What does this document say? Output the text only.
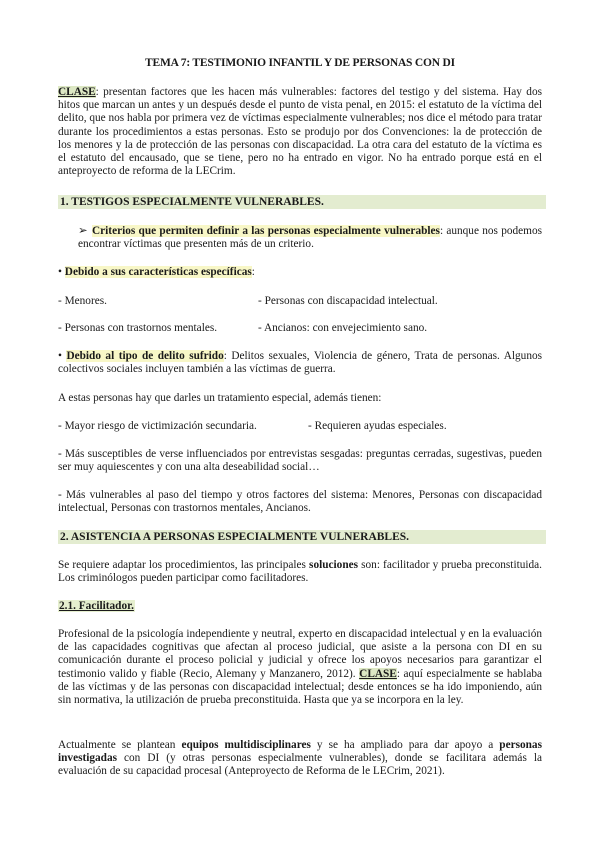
TEMA 7: TESTIMONIO INFANTIL Y DE PERSONAS CON DI

CLASE: presentan factores que les hacen más vulnerables: factores del testigo y del sistema. Hay dos hitos que marcan un antes y un después desde el punto de vista penal, en 2015: el estatuto de la víctima del delito, que nos habla por primera vez de víctimas especialmente vulnerables; nos dice el método para tratar durante los procedimientos a estas personas. Esto se produjo por dos Convenciones: la de protección de los menores y la de protección de las personas con discapacidad. La otra cara del estatuto de la víctima es el estatuto del encausado, que se tiene, pero no ha entrado en vigor. No ha entrado porque está en el anteproyecto de reforma de la LECrim.

1. TESTIGOS ESPECIALMENTE VULNERABLES.

➢ Criterios que permiten definir a las personas especialmente vulnerables: aunque nos podemos encontrar víctimas que presenten más de un criterio.

• Debido a sus características específicas:

- Menores.	- Personas con discapacidad intelectual.
- Personas con trastornos mentales.	- Ancianos: con envejecimiento sano.

• Debido al tipo de delito sufrido: Delitos sexuales, Violencia de género, Trata de personas. Algunos colectivos sociales incluyen también a las víctimas de guerra.

A estas personas hay que darles un tratamiento especial, además tienen:

- Mayor riesgo de victimización secundaria.	- Requieren ayudas especiales.

- Más susceptibles de verse influenciados por entrevistas sesgadas: preguntas cerradas, sugestivas, pueden ser muy aquiescentes y con una alta deseabilidad social…

- Más vulnerables al paso del tiempo y otros factores del sistema: Menores, Personas con discapacidad intelectual, Personas con trastornos mentales, Ancianos.

2. ASISTENCIA A PERSONAS ESPECIALMENTE VULNERABLES.

Se requiere adaptar los procedimientos, las principales soluciones son: facilitador y prueba preconstituida. Los criminólogos pueden participar como facilitadores.

2.1. Facilitador.

Profesional de la psicología independiente y neutral, experto en discapacidad intelectual y en la evaluación de las capacidades cognitivas que afectan al proceso judicial, que asiste a la persona con DI en su comunicación durante el proceso policial y judicial y ofrece los apoyos necesarios para garantizar el testimonio valido y fiable (Recio, Alemany y Manzanero, 2012). CLASE: aquí especialmente se hablaba de las víctimas y de las personas con discapacidad intelectual; desde entonces se ha ido imponiendo, aún sin normativa, la utilización de prueba preconstituida. Hasta que ya se incorpora en la ley.

Actualmente se plantean equipos multidisciplinares y se ha ampliado para dar apoyo a personas investigadas con DI (y otras personas especialmente vulnerables), donde se facilitara además la evaluación de su capacidad procesal (Anteproyecto de Reforma de le LECrim, 2021).
